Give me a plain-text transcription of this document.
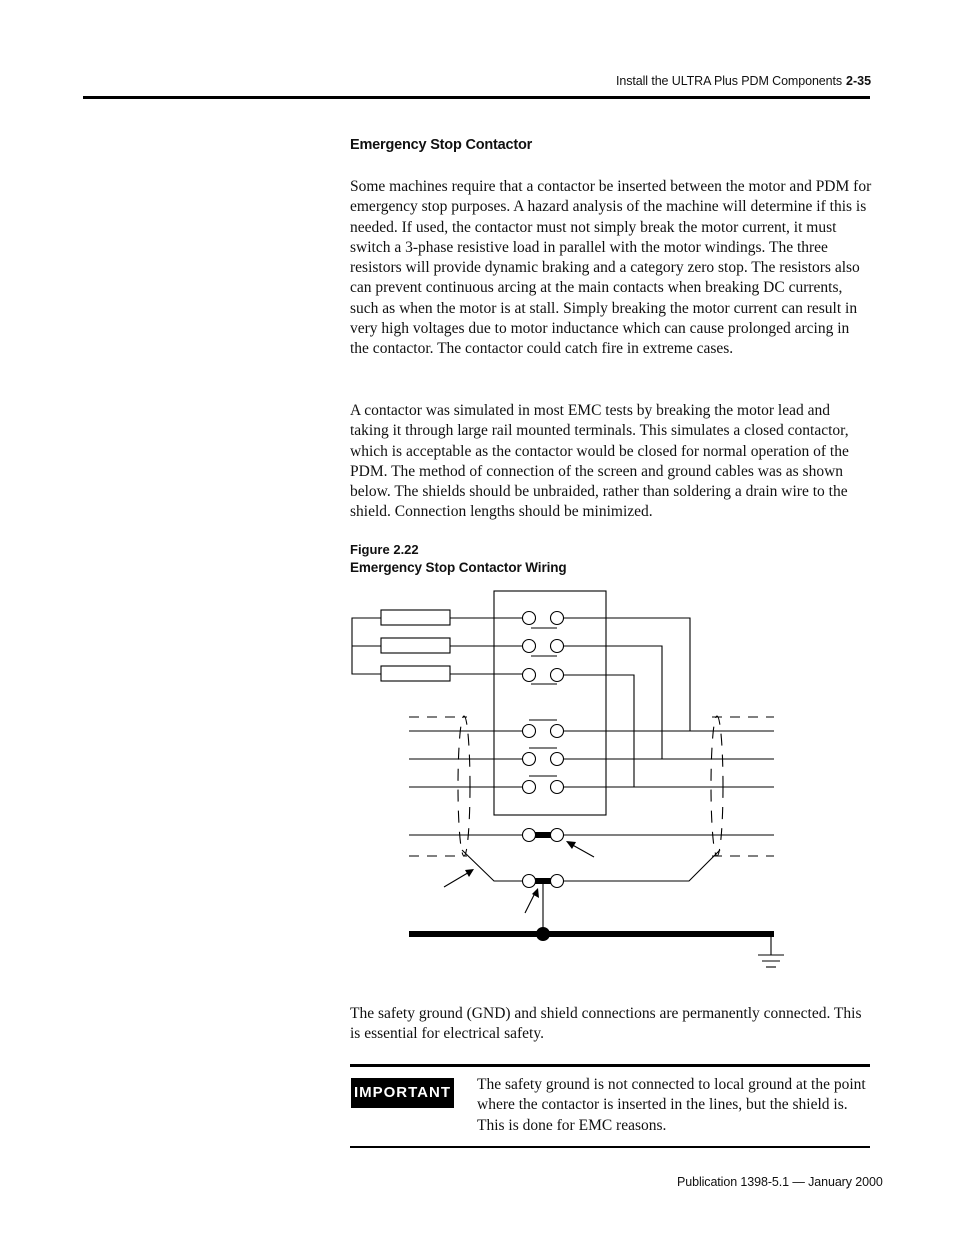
Install the ULTRA Plus PDM Components 2-35
Emergency Stop Contactor

Some machines require that a contactor be inserted between the motor and PDM for emergency stop purposes. A hazard analysis of the machine will determine if this is needed. If used, the contactor must not simply break the motor current, it must switch a 3-phase resistive load in parallel with the motor windings. The three resistors will provide dynamic braking and a category zero stop. The resistors also can prevent continuous arcing at the main contacts when breaking DC currents, such as when the motor is at stall. Simply breaking the motor current can result in very high voltages due to motor inductance which can cause prolonged arcing in the contactor. The contactor could catch fire in extreme cases.

A contactor was simulated in most EMC tests by breaking the motor lead and taking it through large rail mounted terminals. This simulates a closed contactor, which is acceptable as the contactor would be closed for normal operation of the PDM. The method of connection of the screen and ground cables was as shown below. The shields should be unbraided, rather than soldering a drain wire to the shield. Connection lengths should be minimized.

Figure 2.22
Emergency Stop Contactor Wiring

The safety ground (GND) and shield connections are permanently connected. This is essential for electrical safety.

IMPORTANT The safety ground is not connected to local ground at the point where the contactor is inserted in the lines, but the shield is. This is done for EMC reasons.

Publication 1398-5.1 — January 2000
